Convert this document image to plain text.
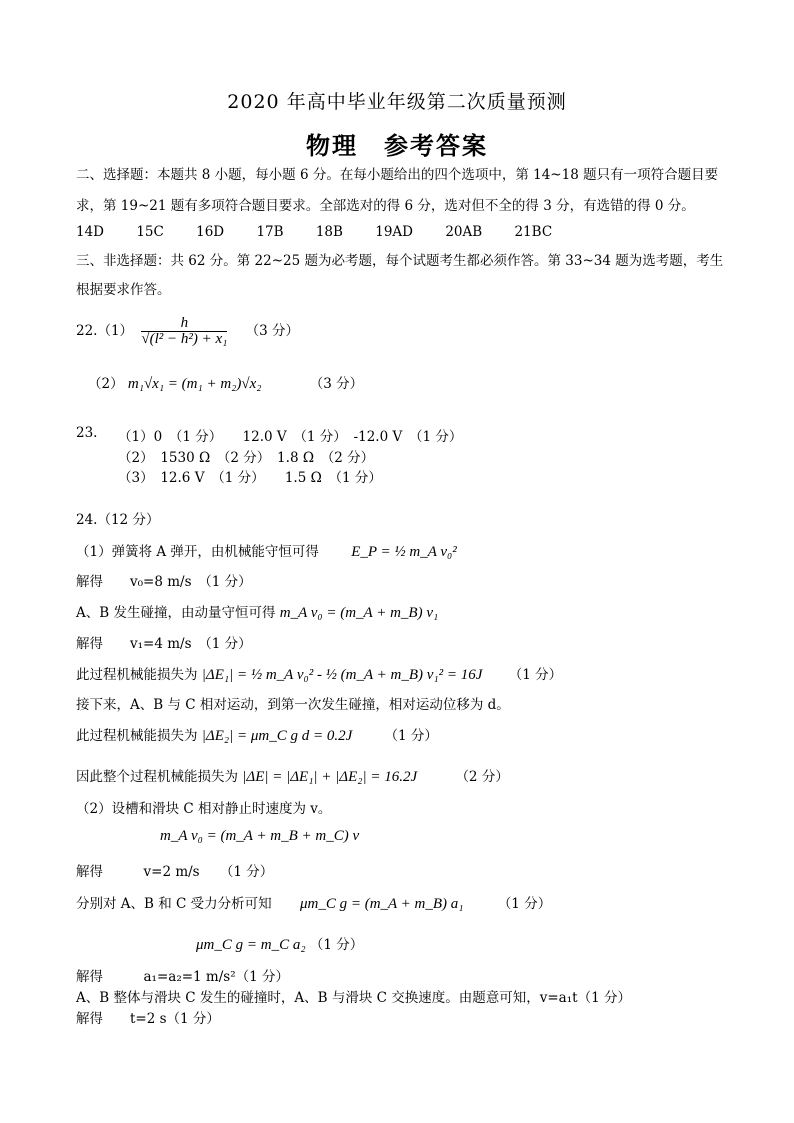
2020 年高中毕业年级第二次质量预测
物理　参考答案
二、选择题：本题共 8 小题，每小题 6 分。在每小题给出的四个选项中，第 14~18 题只有一项符合题目要
求，第 19~21 题有多项符合题目要求。全部选对的得 6 分，选对但不全的得 3 分，有选错的得 0 分。
14D 15C 16D 17B 18B 19AD 20AB 21BC
三、非选择题：共 62 分。第 22~25 题为必考题，每个试题考生都必须作答。第 33~34 题为选考题，考生
根据要求作答。
$22.(1) \frac{h}{\text{√(l² − h²) + x₁}} (3$ 分）
（2） m₁√x₁ = (m₁ + m₂)√x₂	（3 分）
23. （1）0　（1 分）　　12.0 V　（1 分）　-12.0 V　（1 分）
（2）　1530 Ω　（2 分）　1.8 Ω　（2 分）
（3）　12.6 V　（1 分）　　1.5 Ω　（1 分）
24.（12 分）
（1）弹簧将 A 弹开，由机械能守恒可得 E_P = ½ m_A v₀²
解得　　v₀=8 m/s　（1 分）
A、B 发生碰撞，由动量守恒可得 m_A v₀ = (m_A + m_B) v₁
解得　　v₁=4 m/s　（1 分）
此过程机械能损失为 |ΔE₁| = ½ m_A v₀² - ½ (m_A + m_B) v₁² = 16J （1 分）
接下来，A、B 与 C 相对运动，到第一次发生碰撞，相对运动位移为 d。
此过程机械能损失为 |ΔE₂| = μm_C g d = 0.2J （1 分）
因此整个过程机械能损失为 |ΔE| = |ΔE₁| + |ΔE₂| = 16.2J	（2 分）
（2）设槽和滑块 C 相对静止时速度为 v。
m_A v₀ = (m_A + m_B + m_C) v
解得　　　v=2 m/s　　（1 分）
分别对 A、B 和 C 受力分析可知 μm_C g = (m_A + m_B) a₁	（1 分）
μm_C g = m_C a₂ （1 分）
解得　　　a₁=a₂=1 m/s²（1 分）
A、B 整体与滑块 C 发生的碰撞时，A、B 与滑块 C 交换速度。由题意可知，v=a₁t（1 分）
解得　　t=2 s（1 分）
